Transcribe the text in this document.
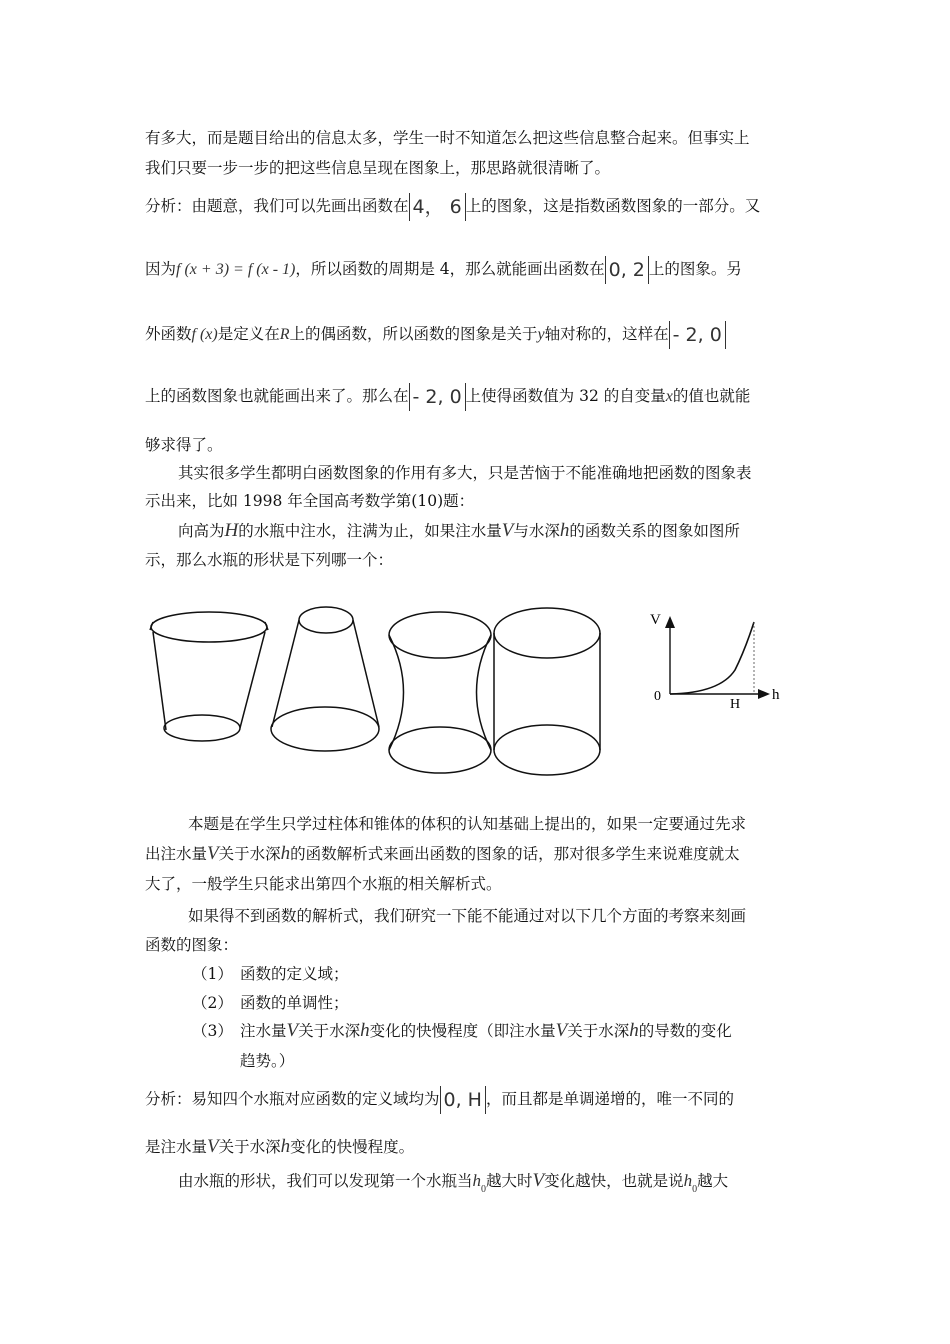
有多大，而是题目给出的信息太多，学生一时不知道怎么把这些信息整合起来。但事实上
我们只要一步一步的把这些信息呈现在图象上，那思路就很清晰了。
分析：由题意，我们可以先画出函数在 4， 6 上的图象，这是指数函数图象的一部分。又
因为f (x + 3) = f (x - 1)，所以函数的周期是 4，那么就能画出函数在 0, 2 上的图象。另
外函数f (x)是定义在R上的偶函数，所以函数的图象是关于y轴对称的，这样在 - 2, 0
上的函数图象也就能画出来了。那么在 - 2, 0 上使得函数值为 32 的自变量x的值也就能
够求得了。
其实很多学生都明白函数图象的作用有多大，只是苦恼于不能准确地把函数的图象表
示出来，比如 1998 年全国高考数学第(10)题：
向高为H的水瓶中注水，注满为止，如果注水量V与水深h的函数关系的图象如图所
示，那么水瓶的形状是下列哪一个：
V
0
H
h
本题是在学生只学过柱体和锥体的体积的认知基础上提出的，如果一定要通过先求
出注水量V关于水深h的函数解析式来画出函数的图象的话，那对很多学生来说难度就太
大了，一般学生只能求出第四个水瓶的相关解析式。
如果得不到函数的解析式，我们研究一下能不能通过对以下几个方面的考察来刻画
函数的图象：
（1） 函数的定义域；
（2） 函数的单调性；
（3） 注水量V关于水深h变化的快慢程度（即注水量V关于水深h的导数的变化
趋势。）
分析：易知四个水瓶对应函数的定义域均为 0, H ，而且都是单调递增的，唯一不同的
是注水量V关于水深h变化的快慢程度。
由水瓶的形状，我们可以发现第一个水瓶当$h_0$越大时V变化越快，也就是说$h_0$越大
